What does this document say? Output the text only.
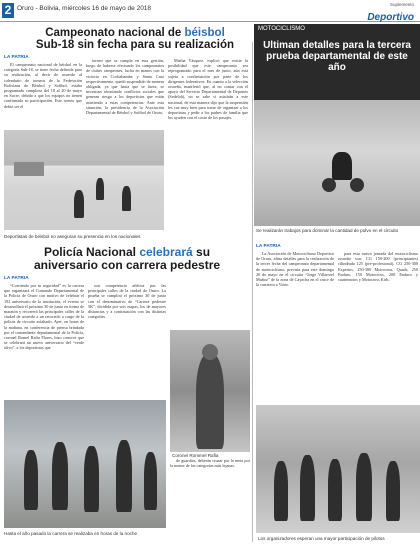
2 Oruro - Bolivia, miércoles 16 de mayo de 2018
Suplemento
Deportivo
Campeonato nacional de béisbol
Sub-18 sin fecha para su realización
LA PATRIA

El campeonato nacional de béisbol en la categoría Sub-18, se tiene fecha definida para su realización, al decir de acuerdo al calendario de torneos de la Federación Boliviana de Béisbol y Softbol, estaba programado cumplirse del 18 al 20 de mayo en Sucre, debido a que los equipos no tienen confirmada su participación. Este torneo que debió ser el

torneo que se cumpla en esta gestión, luego de haberse efectuado los campeonatos de clubes campeones, lucha en manos con la victoria en Cochabamba y Santa Cruz respectivamente, quedó suspendido de manera obligada, ya que hasta que se fuera, se necesitan afrontando conflictos sociales que generan riesgo a los deportistas que están asistiendo a estas competencias. Ante esta situación, la presidencia de la Asociación Departamental de Béisbol y Softbol de Oruro,

Mirtha Vásquez, explicó que existe la posibilidad que este campeonato sea reprogramado para el mes de junio, aún está sujeta a confirmación por parte de los dirigentes federativos. En cuanto a la selección orureña, manifestó que, al no contar con el apoyo del Servicio Departamental de Deportes (Sedeloh), no se sabe si asistirán a este nacional, de esta manera dijo que la suspensión les cae muy bien para tratar de organizar a los deportistas y pedir a los padres de familia que los ayuden con el costo de los pasajes.

Deportistas de béisbol no aseguran su presencia en los nacionales
Policía Nacional celebrará su
aniversario con carrera pedestre
LA PATRIA

“Corriendo por tu seguridad” es la carrera que organizará el Comando Departamental de la Policía de Oruro con motivo de celebrar el 192 aniversario de la institución, el evento se desarrollará el próximo 30 de junio en forma de maratón y recorrerá las principales calles de la ciudad de acuerdo a un recorrido a cargo de la policía de circuito asfaltado. Ayer, en horas de la mañana, en conferencia de prensa brindada por el comandante departamental de la Policía, coronel Romel Rafia Flores, hizo conocer que se celebrará un nuevo aniversario del “verde olivo”, a los deportistas que

son competencia atlética por las principales calles de la ciudad de Oruro. La prueba se cumplirá el próximo 30 de junio con el denominativo de “Carrera pedestre 5K”, dividida por seis etapas, los de mayores distancias y a continuación con las distintas categorías.

de guardias, deberán cruzar por la meta por la menor de las categorías más lejanas.

Coronel Rommel Rafia
Hasta el año pasado la carrera se realizaba en horas de la noche
MOTOCICLISMO
Ultiman detalles para la tercera prueba departamental de este año
Se realizarán trabajos para dominar la cantidad de polvo en el circuito
LA PATRIA

La Asociación de Motociclismo Deportivo de Oruro, afina detalles para la realización de la tercer fecha del campeonato departamental de motociclismo, prevista para este domingo 20 de mayo en el circuito “Jorge Villarroel Muñoz” de la zona de Cayacha en el cruce de la carretera a Vinto.

para esta nueva jornada del motociclismo orureño son: CG 150-200 (principiantes) cilindrada 125 (pre-profesional), CG 250-300 Expertos, 250-300 Motocross, Quads, 250 Enduro, 150 Motocross, 200 Enduro y cuatrimotos y Motocross Kids.

Los organizadores esperan una mayor participación de pilotos
